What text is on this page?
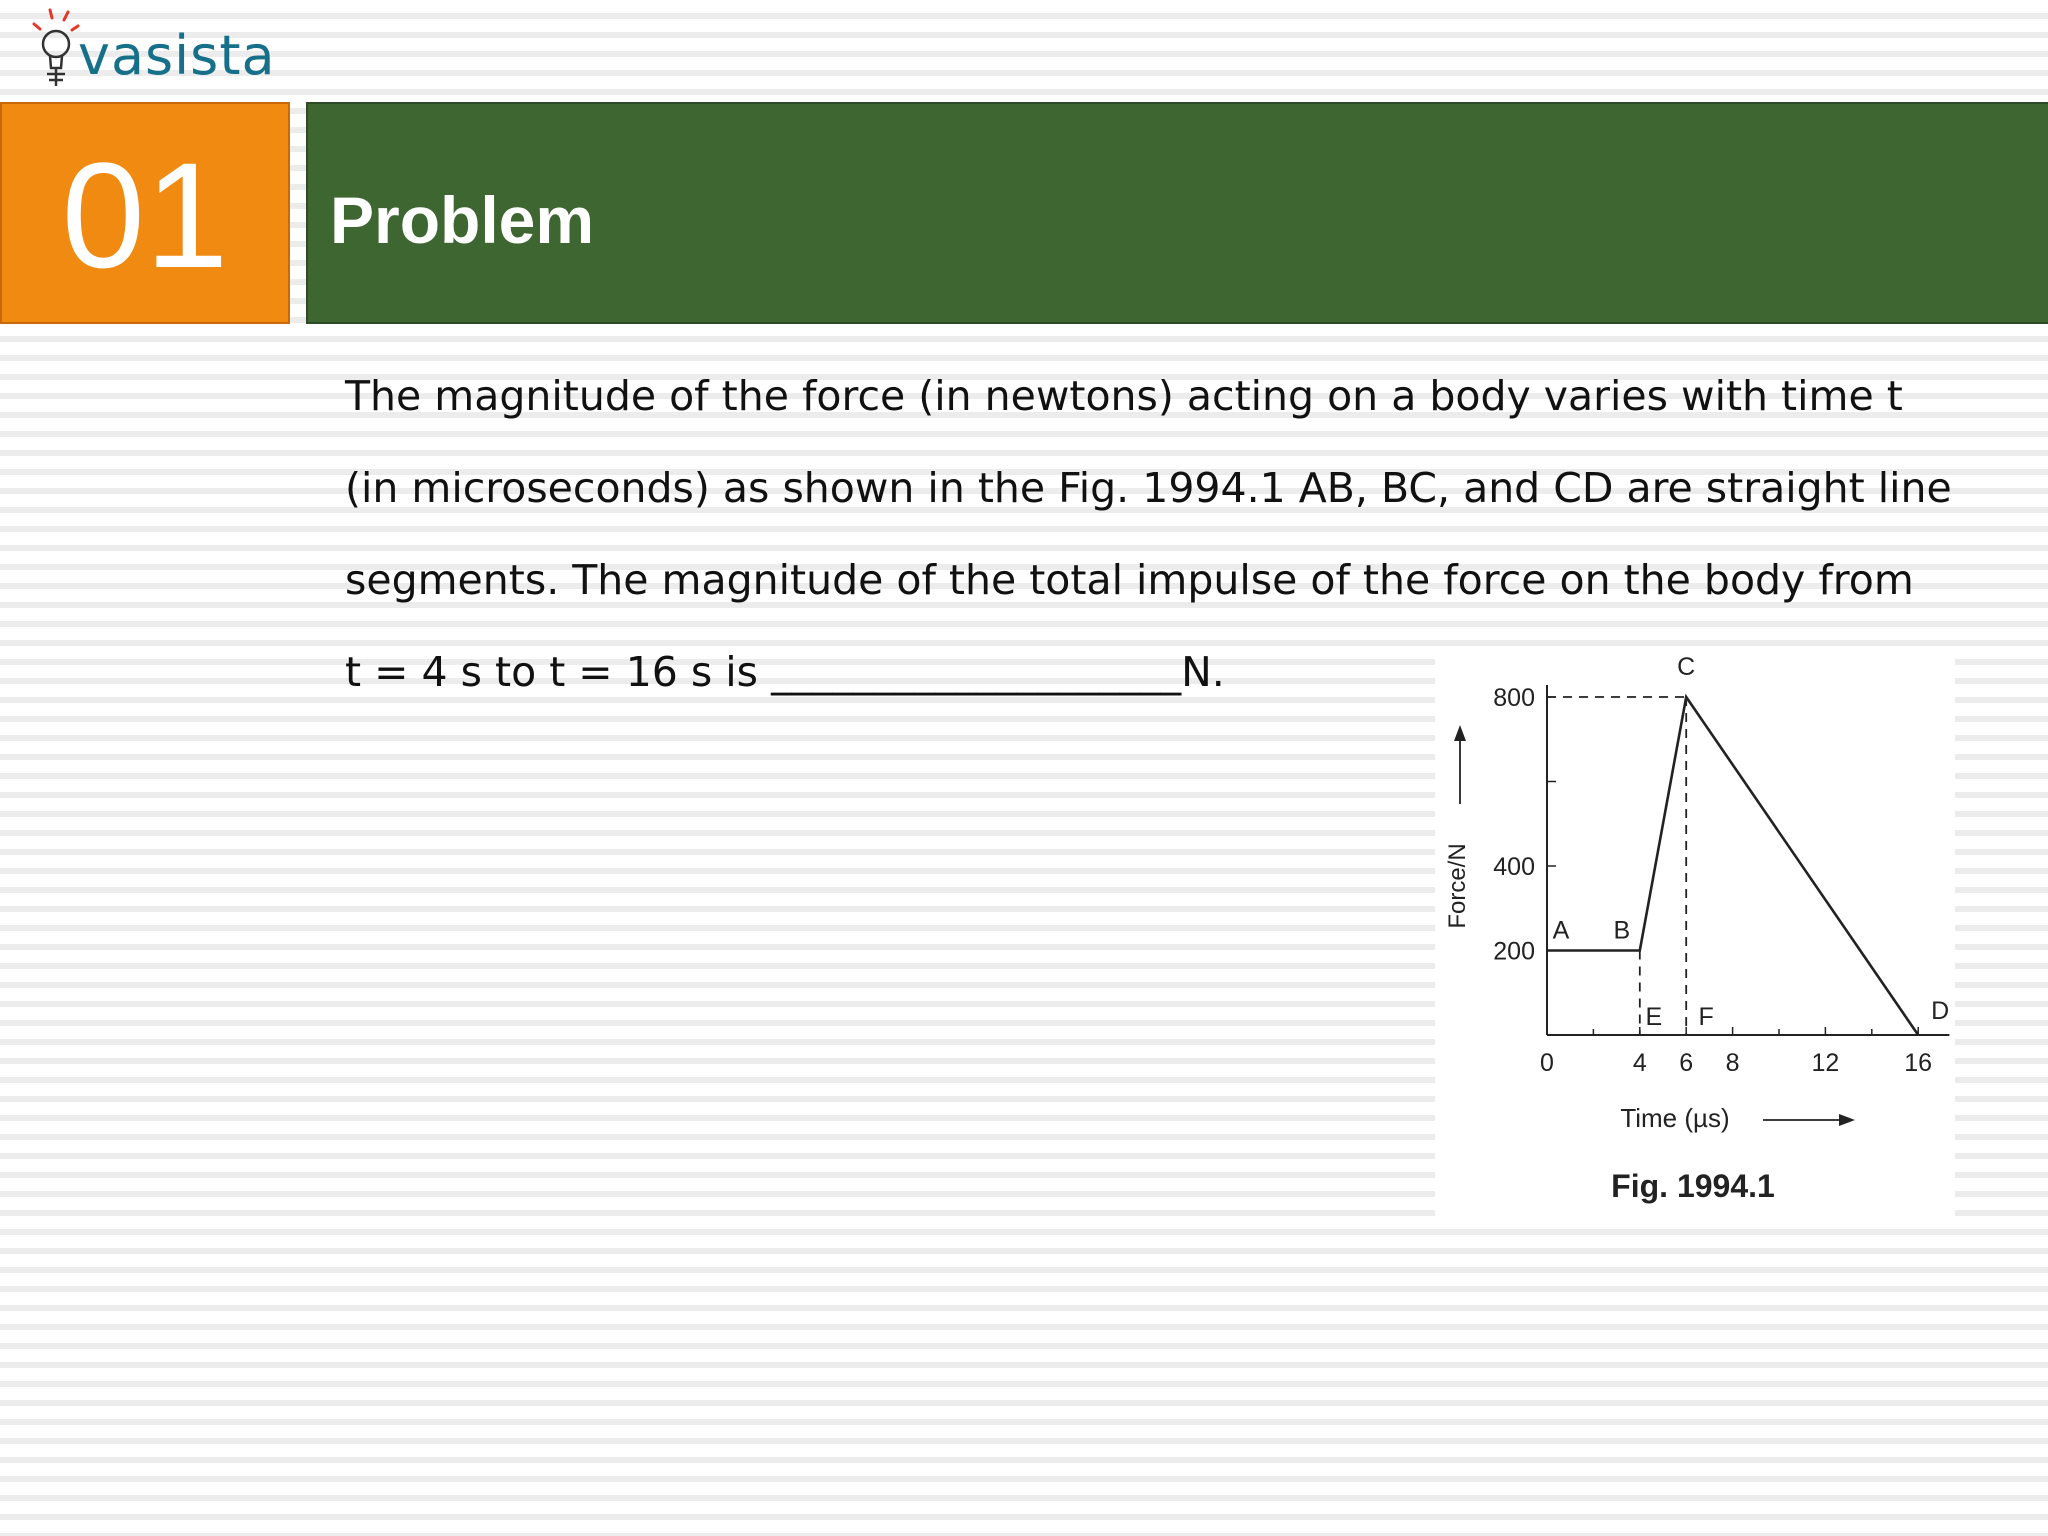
vasista
01	Problem

The magnitude of the force (in newtons) acting on a body varies with time t
(in microseconds) as shown in the Fig. 1994.1 AB, BC, and CD are straight line
segments. The magnitude of the total impulse of the force on the body from
t = 4 s to t = 16 s is ____________________N.

0	4 6 8	12	16
800
400
200
A B
C
D
E F
Force/N
Time (µs)
Fig. 1994.1
